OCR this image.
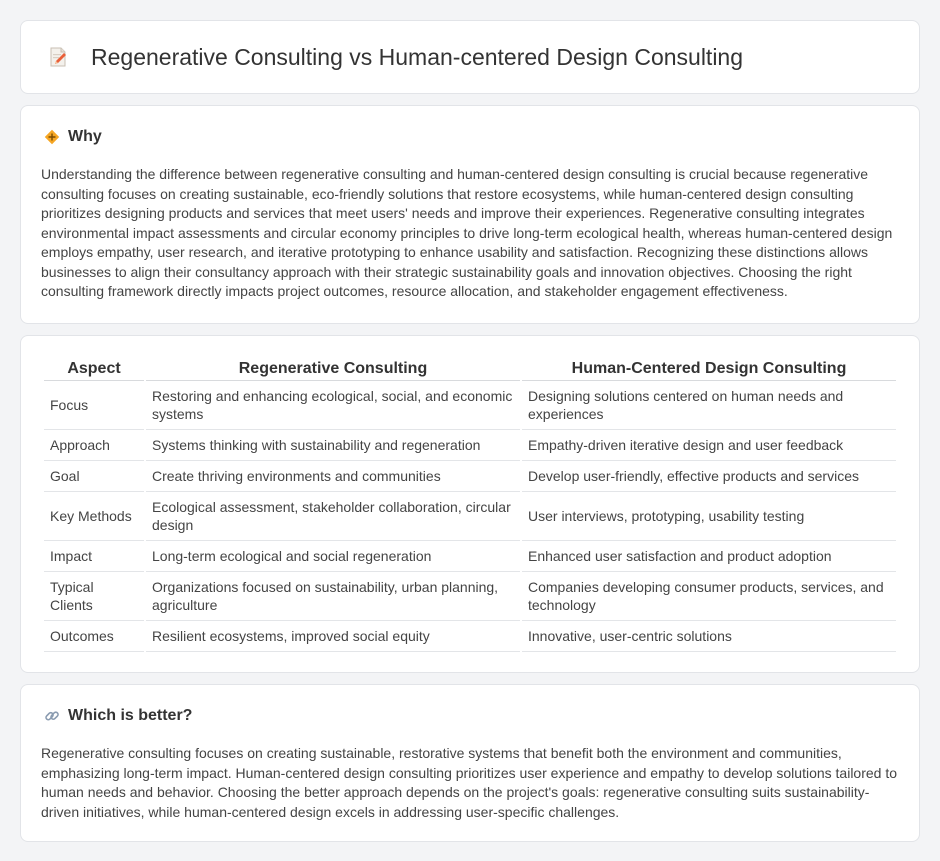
Regenerative Consulting vs Human-centered Design Consulting
Why

Understanding the difference between regenerative consulting and human-centered design consulting is crucial because regenerative consulting focuses on creating sustainable, eco-friendly solutions that restore ecosystems, while human-centered design consulting prioritizes designing products and services that meet users' needs and improve their experiences. Regenerative consulting integrates environmental impact assessments and circular economy principles to drive long-term ecological health, whereas human-centered design employs empathy, user research, and iterative prototyping to enhance usability and satisfaction. Recognizing these distinctions allows businesses to align their consultancy approach with their strategic sustainability goals and innovation objectives. Choosing the right consulting framework directly impacts project outcomes, resource allocation, and stakeholder engagement effectiveness.

Aspect	Regenerative Consulting	Human-Centered Design Consulting
Focus	Restoring and enhancing ecological, social, and economic systems	Designing solutions centered on human needs and experiences
Approach	Systems thinking with sustainability and regeneration	Empathy-driven iterative design and user feedback
Goal	Create thriving environments and communities	Develop user-friendly, effective products and services
Key Methods	Ecological assessment, stakeholder collaboration, circular design	User interviews, prototyping, usability testing
Impact	Long-term ecological and social regeneration	Enhanced user satisfaction and product adoption
Typical Clients	Organizations focused on sustainability, urban planning, agriculture	Companies developing consumer products, services, and technology
Outcomes	Resilient ecosystems, improved social equity	Innovative, user-centric solutions
Which is better?

Regenerative consulting focuses on creating sustainable, restorative systems that benefit both the environment and communities, emphasizing long-term impact. Human-centered design consulting prioritizes user experience and empathy to develop solutions tailored to human needs and behavior. Choosing the better approach depends on the project's goals: regenerative consulting suits sustainability-driven initiatives, while human-centered design excels in addressing user-specific challenges.
